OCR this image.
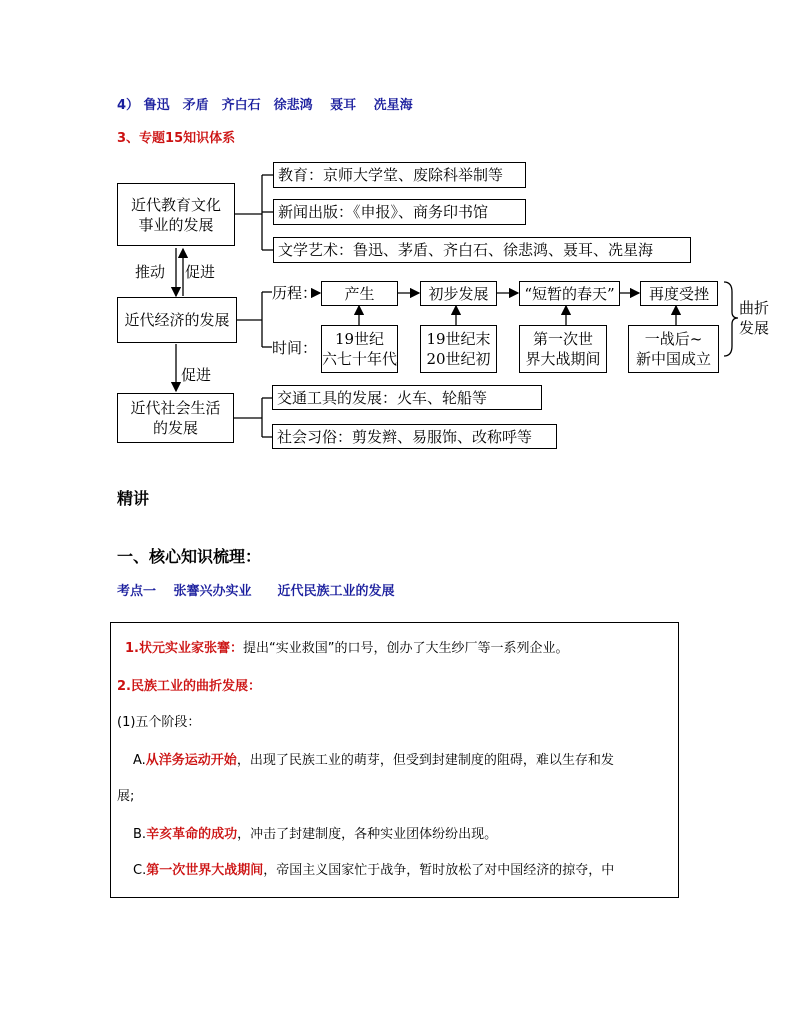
4） 鲁迅　矛盾　齐白石　徐悲鸿　 聂耳　 冼星海
3、专题15知识体系
近代教育文化
事业的发展
教育：京师大学堂、废除科举制等
新闻出版：《申报》、商务印书馆
文学艺术：鲁迅、茅盾、齐白石、徐悲鸿、聂耳、冼星海
推动 促进
近代经济的发展
历程：
时间：
产生	初步发展	“短暂的春天”	再度受挫
19世纪
六七十年代
19世纪末
20世纪初
第一次世
界大战期间
一战后~
新中国成立
曲折
发展
促进
近代社会生活
的发展
交通工具的发展：火车、轮船等
社会习俗：剪发辫、易服饰、改称呼等
精讲
一、核心知识梳理：
考点一　 张謇兴办实业　　近代民族工业的发展
1.状元实业家张謇：提出“实业救国”的口号，创办了大生纱厂等一系列企业。
2.民族工业的曲折发展：
(1)五个阶段：
A.从洋务运动开始，出现了民族工业的萌芽，但受到封建制度的阻碍，难以生存和发
展;
B.辛亥革命的成功，冲击了封建制度，各种实业团体纷纷出现。
C.第一次世界大战期间，帝国主义国家忙于战争，暂时放松了对中国经济的掠夺，中
